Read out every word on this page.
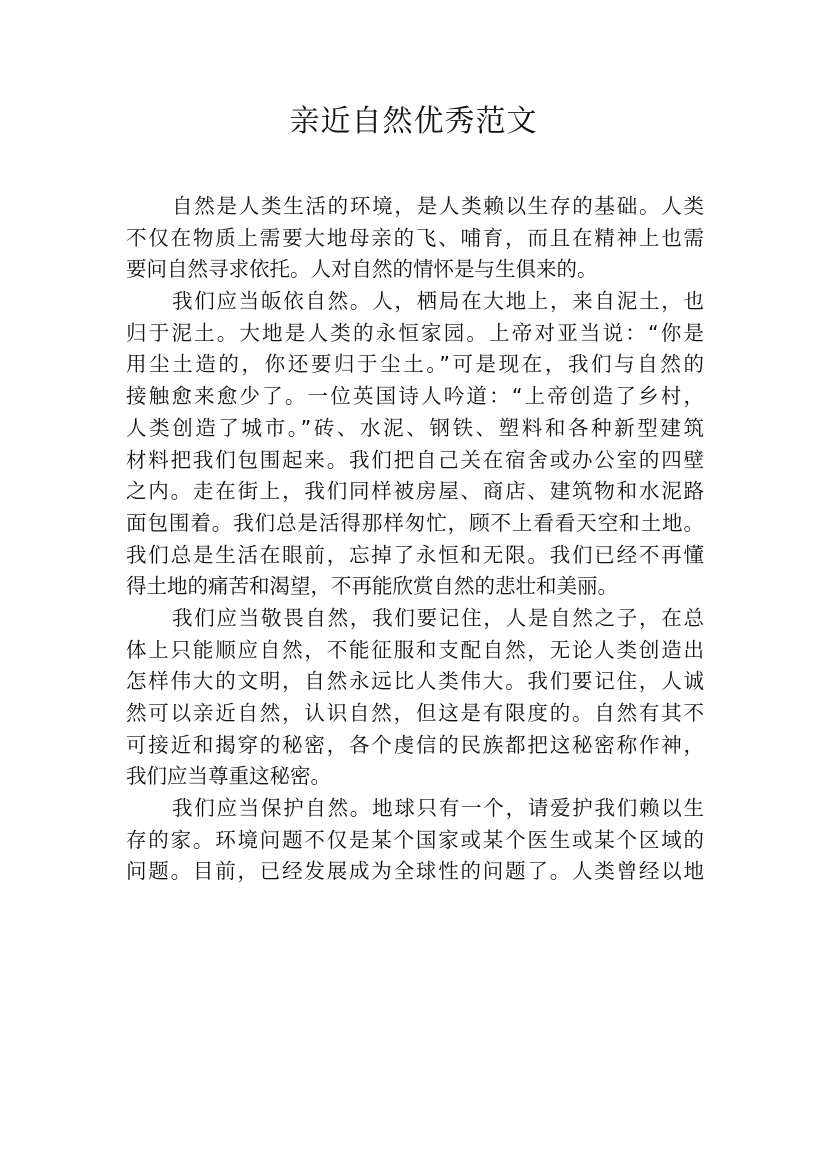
亲近自然优秀范文
自然是人类生活的环境，是人类赖以生存的基础。人类
不仅在物质上需要大地母亲的飞、哺育，而且在精神上也需
要问自然寻求依托。人对自然的情怀是与生俱来的。
我们应当皈依自然。人，栖局在大地上，来自泥土，也
归于泥土。大地是人类的永恒家园。上帝对亚当说：“你是
用尘土造的，你还要归于尘土。”可是现在，我们与自然的
接触愈来愈少了。一位英国诗人吟道：“上帝创造了乡村，
人类创造了城市。”砖、水泥、钢铁、塑料和各种新型建筑
材料把我们包围起来。我们把自己关在宿舍或办公室的四壁
之内。走在街上，我们同样被房屋、商店、建筑物和水泥路
面包围着。我们总是活得那样匆忙，顾不上看看天空和土地。
我们总是生活在眼前，忘掉了永恒和无限。我们已经不再懂
得土地的痛苦和渴望，不再能欣赏自然的悲壮和美丽。
我们应当敬畏自然，我们要记住，人是自然之子，在总
体上只能顺应自然，不能征服和支配自然，无论人类创造出
怎样伟大的文明，自然永远比人类伟大。我们要记住，人诚
然可以亲近自然，认识自然，但这是有限度的。自然有其不
可接近和揭穿的秘密，各个虔信的民族都把这秘密称作神，
我们应当尊重这秘密。
我们应当保护自然。地球只有一个，请爱护我们赖以生
存的家。环境问题不仅是某个国家或某个医生或某个区域的
问题。目前，已经发展成为全球性的问题了。人类曾经以地
